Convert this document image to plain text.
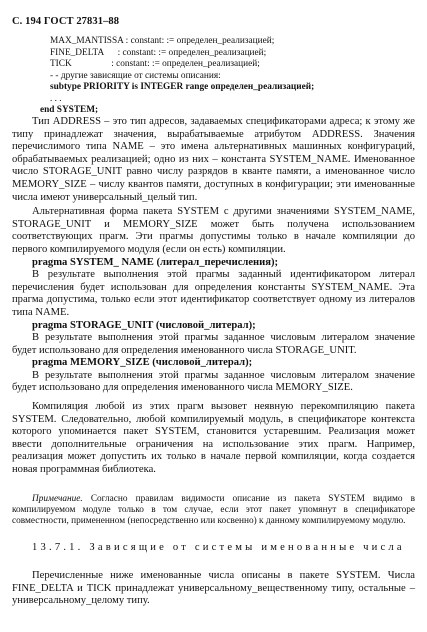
С. 194 ГОСТ 27831–88
MAX_MANTISSA : constant: := определен_реализацией;
FINE_DELTA      : constant: := определен_реализацией;
TICK                 : constant: := определен_реализацией;
- - другие зависящие от системы описания:
subtype PRIORITY is INTEGER range определен_реализацией;
. . .
end SYSTEM;

Тип ADDRESS – это тип адресов, задаваемых спецификаторами адреса; к этому же типу принадлежат значения, вырабатываемые атрибутом ADDRESS. Значения перечислимого типа NAME – это имена альтернативных машинных конфигураций, обрабатываемых реализацией; одно из них – константа SYSTEM_NAME. Именованное число STORAGE_UNIT равно числу разрядов в кванте памяти, а именованное число MEMORY_SIZE – числу квантов памяти, доступных в конфигурации; эти именованные числа имеют универсальный_целый тип.

Альтернативная форма пакета SYSTEM с другими значениями SYSTEM_NAME, STORAGE_UNIT и MEMORY_SIZE может быть получена использованием соответствующих прагм. Эти прагмы допустимы только в начале компиляции до первого компилируемого модуля (если он есть) компиляции.

pragma SYSTEM_ NAME (литерал_перечисления);

В результате выполнения этой прагмы заданный идентификатором литерал перечисления будет использован для определения константы SYSTEM_NAME. Эта прагма допустима, только если этот идентификатор соответствует одному из литералов типа NAME.

pragma STORAGE_UNIT (числовой_литерал);

В результате выполнения этой прагмы заданное числовым литералом значение будет использовано для определения именованного числа STORAGE_UNIT.

pragma MEMORY_SIZE (числовой_литерал);

В результате выполнения этой прагмы заданное числовым литералом значение будет использовано для определения именованного числа MEMORY_SIZE.

Компиляция любой из этих прагм вызовет неявную перекомпиляцию пакета SYSTEM. Следовательно, любой компилируемый модуль, в спецификаторе контекста которого упоминается пакет SYSTEM, становится устаревшим. Реализация может ввести дополнительные ограничения на использование этих прагм. Например, реализация может допустить их только в начале первой компиляции, когда создается новая программная библиотека.

Примечание. Согласно правилам видимости описание из пакета SYSTEM видимо в компилируемом модуле только в том случае, если этот пакет упомянут в спецификаторе совместности, примененном (непосредственно или косвенно) к данному компилируемому модулю.

13.7.1. Зависящие от системы именованные числа

Перечисленные ниже именованные числа описаны в пакете SYSTEM. Числа FINE_DELTA и TICK принадлежат универсальному_вещественному типу, остальные – универсальному_целому типу.
